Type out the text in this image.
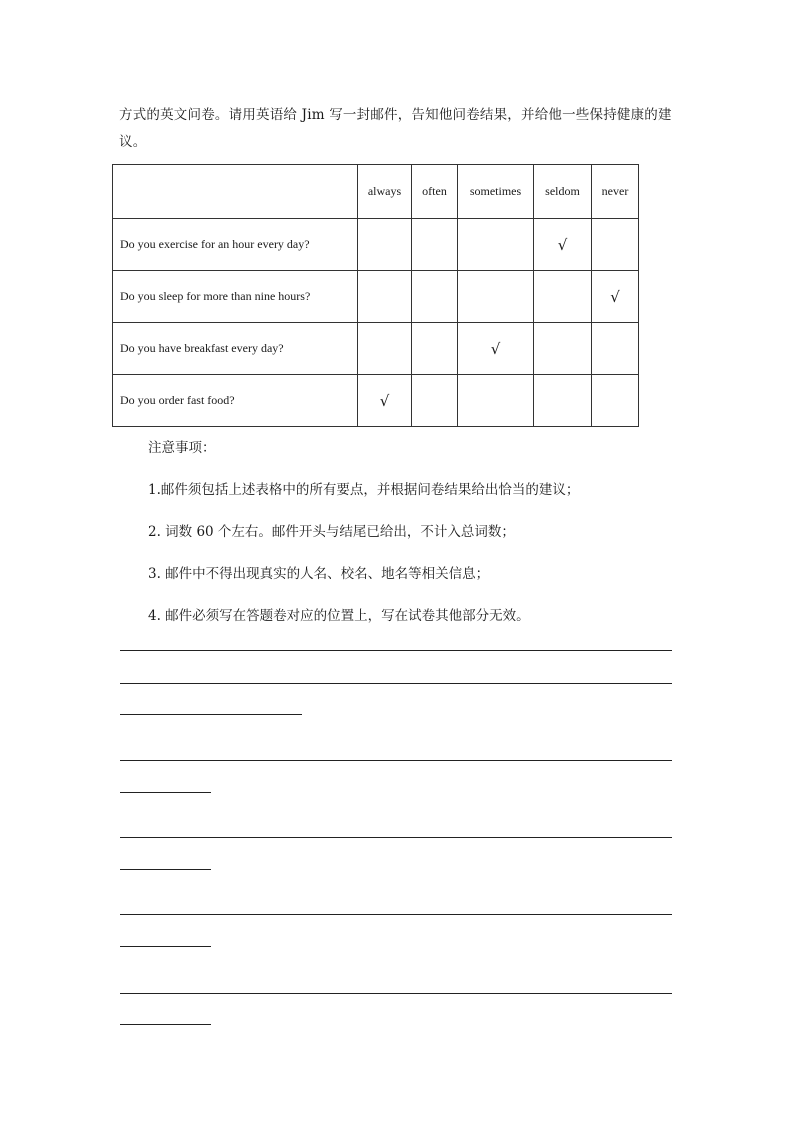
方式的英文问卷。请用英语给 Jim 写一封邮件，告知他问卷结果，并给他一些保持健康的建

议。

	always	often	sometimes	seldom	never
Do you exercise for an hour every day?				√	
Do you sleep for more than nine hours?					√
Do you have breakfast every day?			√		
Do you order fast food?	√				
注意事项：
1.邮件须包括上述表格中的所有要点，并根据问卷结果给出恰当的建议；
2. 词数 60 个左右。邮件开头与结尾已给出，不计入总词数；
3. 邮件中不得出现真实的人名、校名、地名等相关信息；
4. 邮件必须写在答题卷对应的位置上，写在试卷其他部分无效。
